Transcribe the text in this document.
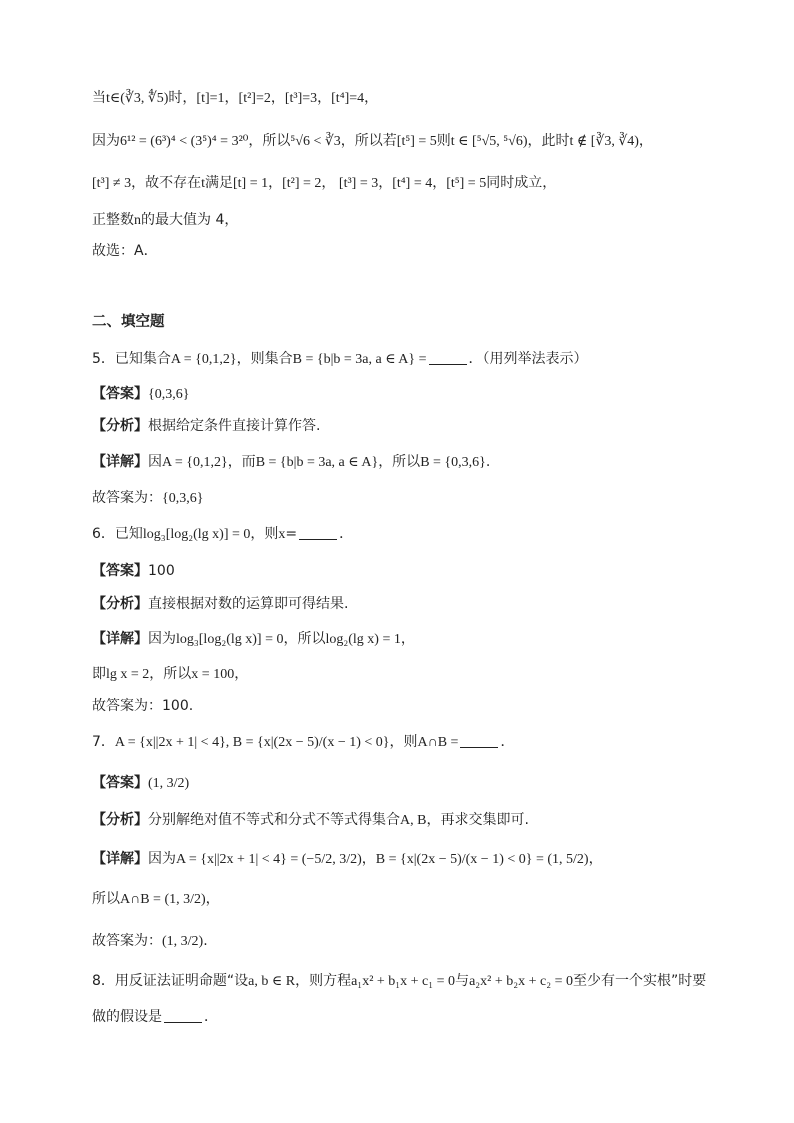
当t∈(∛3, ∜5)时，[t]=1，[t²]=2，[t³]=3，[t⁴]=4，
因为6¹² = (6³)⁴ < (3⁵)⁴ = 3²⁰，所以⁵√6 < ∛3，所以若[t⁵] = 5则t ∈ [⁵√5, ⁵√6)，此时t ∉ [∛3, ∛4)，
[t³] ≠ 3，故不存在t满足[t] = 1，[t²] = 2， [t³] = 3，[t⁴] = 4，[t⁵] = 5同时成立，
正整数n的最大值为 4，
故选：A．
二、填空题
5．已知集合A = {0,1,2}，则集合B = {b|b = 3a, a ∈ A} =	．（用列举法表示）
【答案】{0,3,6}
【分析】根据给定条件直接计算作答.
【详解】因A = {0,1,2}，而B = {b|b = 3a, a ∈ A}，所以B = {0,3,6}.
故答案为：{0,3,6}
6．已知log₃[log₂(lg x)] = 0，则x=	．
【答案】100
【分析】直接根据对数的运算即可得结果.
【详解】因为log₃[log₂(lg x)] = 0，所以log₂(lg x) = 1，
即lg x = 2，所以x = 100，
故答案为：100.
7．A = {x||2x + 1| < 4}, B = {x|(2x − 5)/(x − 1) < 0}，则A∩B =	．
【答案】(1, 3/2)
【分析】分别解绝对值不等式和分式不等式得集合A, B，再求交集即可.
【详解】因为A = {x||2x + 1| < 4} = (−5/2, 3/2)，B = {x|(2x − 5)/(x − 1) < 0} = (1, 5/2)，
所以A∩B = (1, 3/2)，
故答案为：(1, 3/2).
8．用反证法证明命题“设a, b ∈ R，则方程a₁x² + b₁x + c₁ = 0与a₂x² + b₂x + c₂ = 0至少有一个实根”时要
做的假设是	．
